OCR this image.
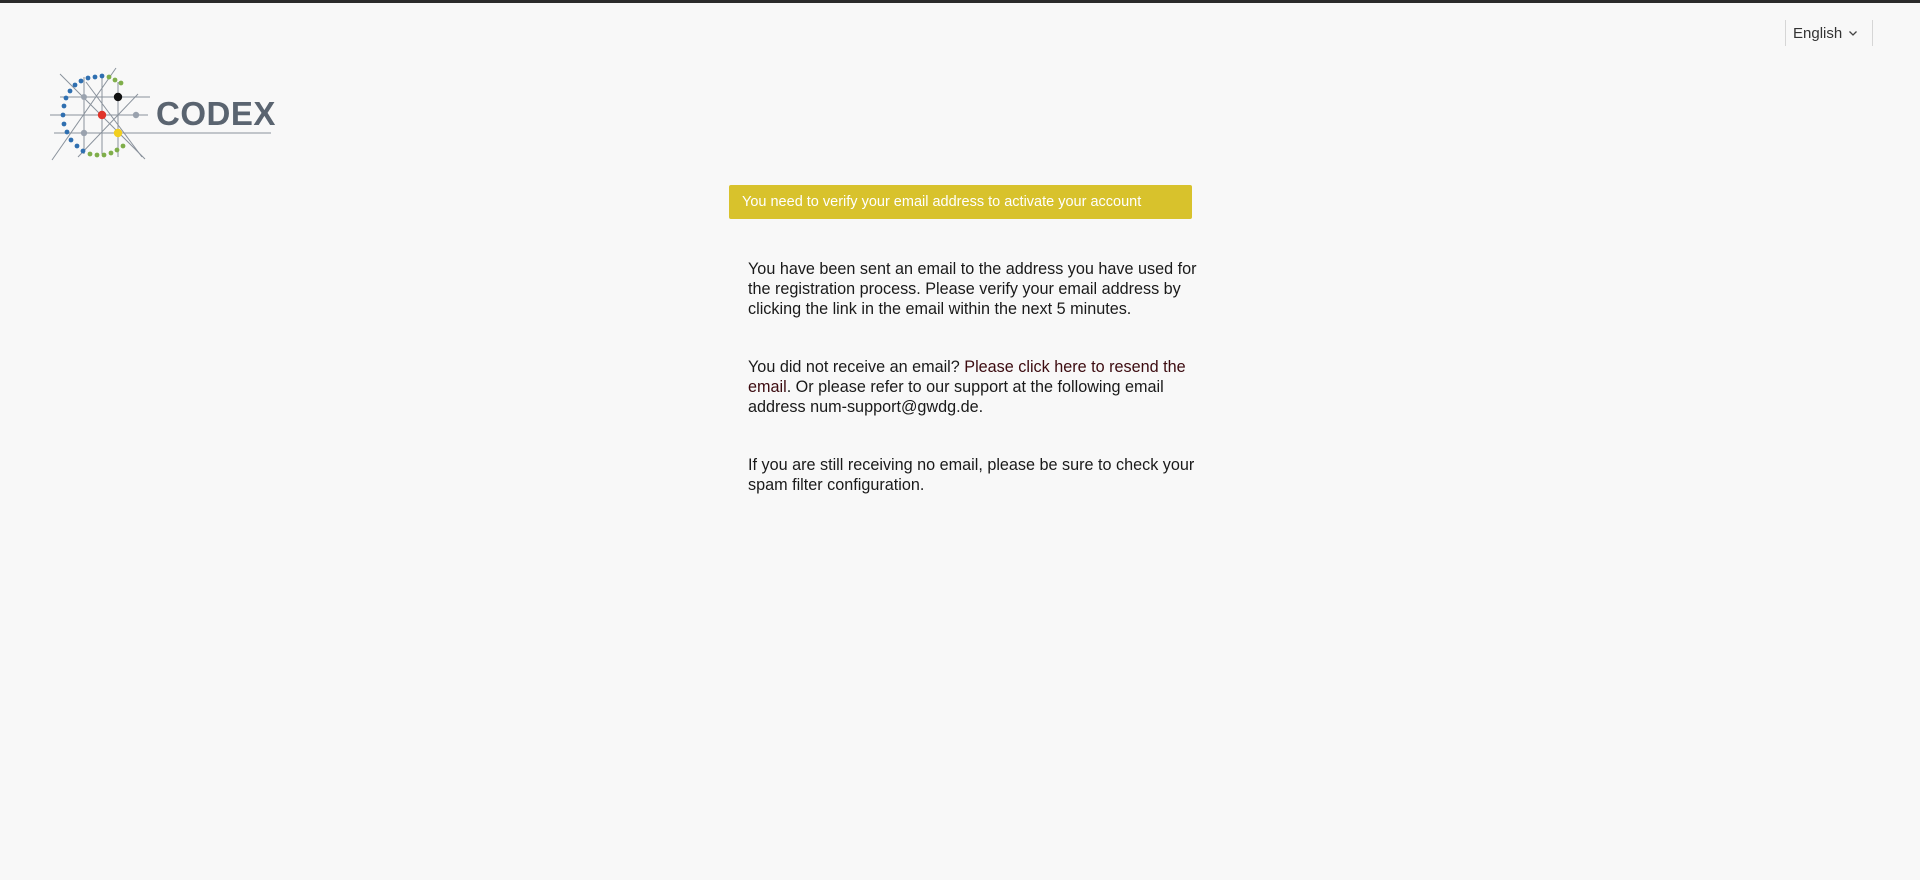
English
CODEX
You need to verify your email address to activate your account

You have been sent an email to the address you have used for the registration process. Please verify your email address by clicking the link in the email within the next 5 minutes.

You did not receive an email? Please click here to resend the email. Or please refer to our support at the following email address num-support@gwdg.de.

If you are still receiving no email, please be sure to check your spam filter configuration.
